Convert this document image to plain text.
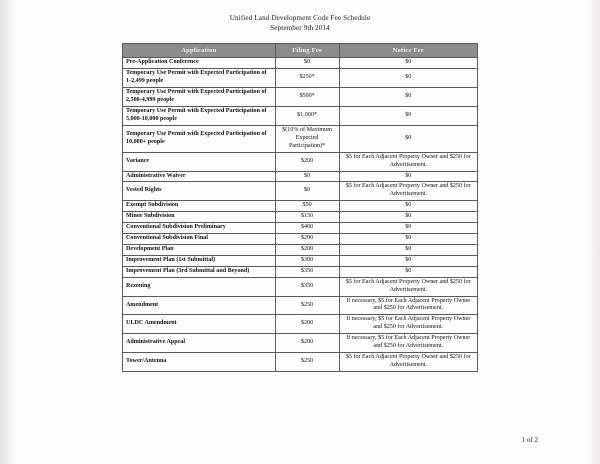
Unified Land Development Code Fee Schedule
September 9th 2014
Application	Filing Fee	Notice Fee
Pre-Application Conference	$0	$0
Temporary Use Permit with Expected Participation of 1-2,499 people	$250*	$0
Temporary Use Permit with Expected Participation of 2,500-4,999 people	$500*	$0
Temporary Use Permit with Expected Participation of 5,000-10,000 people	$1,000*	$0
Temporary Use Permit with Expected Participation of 10,000+ people	$(10% of Maximum Expected Participation)*	$0
Variance	$200	$5 for Each Adjacent Property Owner and $250 for Advertisement.
Administrative Waiver	$0	$0
Vested Rights	$0	$5 for Each Adjacent Property Owner and $250 for Advertisement.
Exempt Subdivision	$50	$0
Minor Subdivision	$150	$0
Conventional Subdivision Preliminary	$400	$0
Conventional Subdivision Final	$200	$0
Development Plan	$200	$0
Improvement Plan (1st Submittal)	$300	$0
Improvement Plan (3rd Submittal and Beyond)	$350	$0
Rezoning	$350	$5 for Each Adjacent Property Owner and $250 for Advertisement.
Amendment	$250	If necessary, $5 for Each Adjacent Property Owner and $250 for Advertisement.
ULDC Amendment	$200	If necessary, $5 for Each Adjacent Property Owner and $250 for Advertisement.
Administrative Appeal	$200	If necessary, $5 for Each Adjacent Property Owner and $250 for Advertisement.
Tower/Antenna	$250	$5 for Each Adjacent Property Owner and $250 for Advertisement.
1 of 2
